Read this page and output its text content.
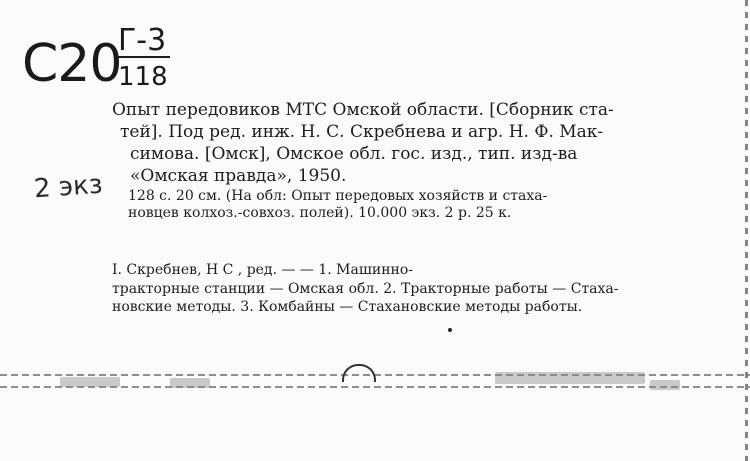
С20
Г-3
118
2 экз
Опыт передовиков МТС Омской области. [Сборник ста-
тей]. Под ред. инж. Н. С. Скребнева и агр. Н. Ф. Мак-
симова. [Омск], Омское обл. гос. изд., тип. изд-ва
«Омская правда», 1950.
128 с. 20 см. (На обл: Опыт передовых хозяйств и стаха-
новцев колхоз.-совхоз. полей). 10.000 экз. 2 р. 25 к.
I. Скребнев, Н С , ред. — — 1. Машинно-
тракторные станции — Омская обл. 2. Тракторные работы — Стаха-
новские методы. 3. Комбайны — Стахановские методы работы.
